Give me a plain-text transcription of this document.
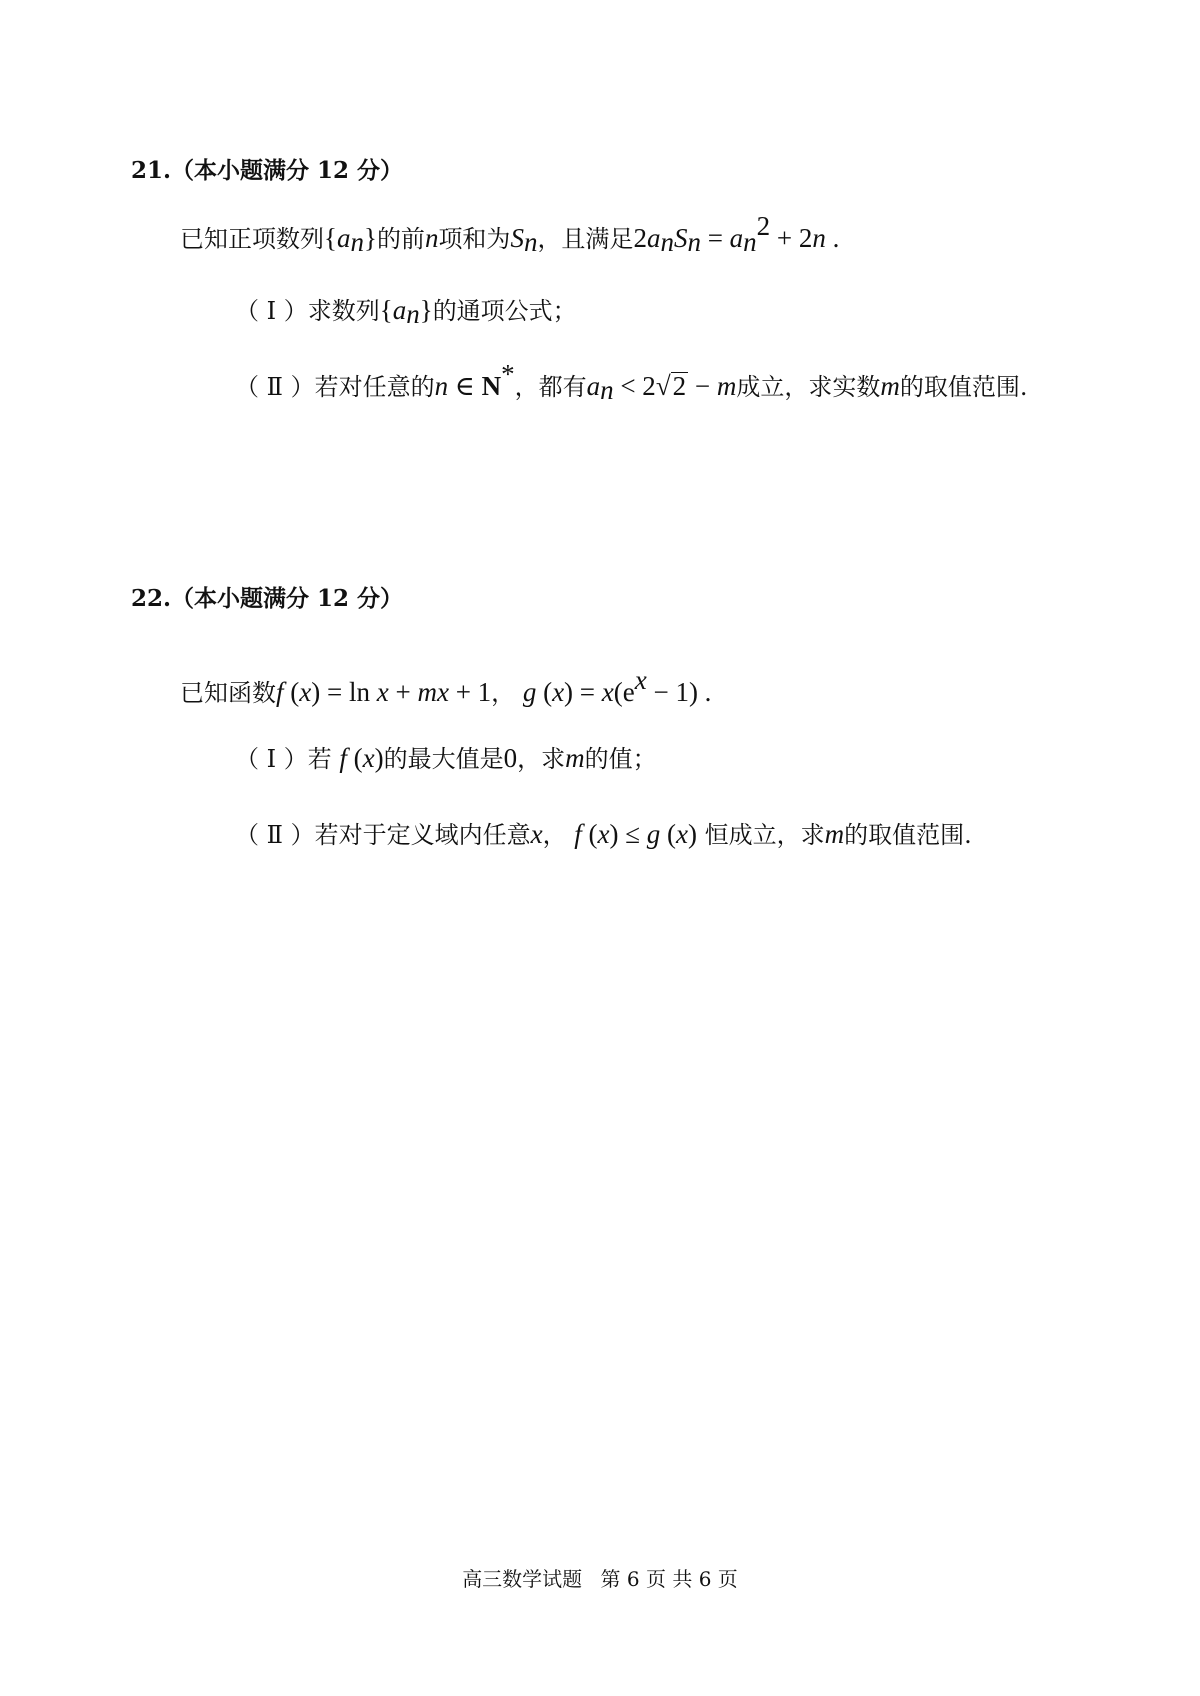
21.（本小题满分 12 分）
已知正项数列$\{a_n\}$的前n项和为$S_n$，且满足$2a_nS_n = a_n^2 + 2n$ .
（ Ⅰ ）求数列$\{a_n\}$的通项公式；
（ Ⅱ ）若对任意的n ∈ N*，都有$a_n < 2√2 - m$成立，求实数m的取值范围.
22.（本小题满分 12 分）
已知函数f (x) = ln x + mx + 1， g $(x) = x(e^x - 1)$ .
（ Ⅰ ）若 f (x)的最大值是0，求m的值；
（ Ⅱ ）若对于定义域内任意x， f (x) ≤ g (x) 恒成立，求m的取值范围.
高三数学试题 第 6 页 共 6 页
